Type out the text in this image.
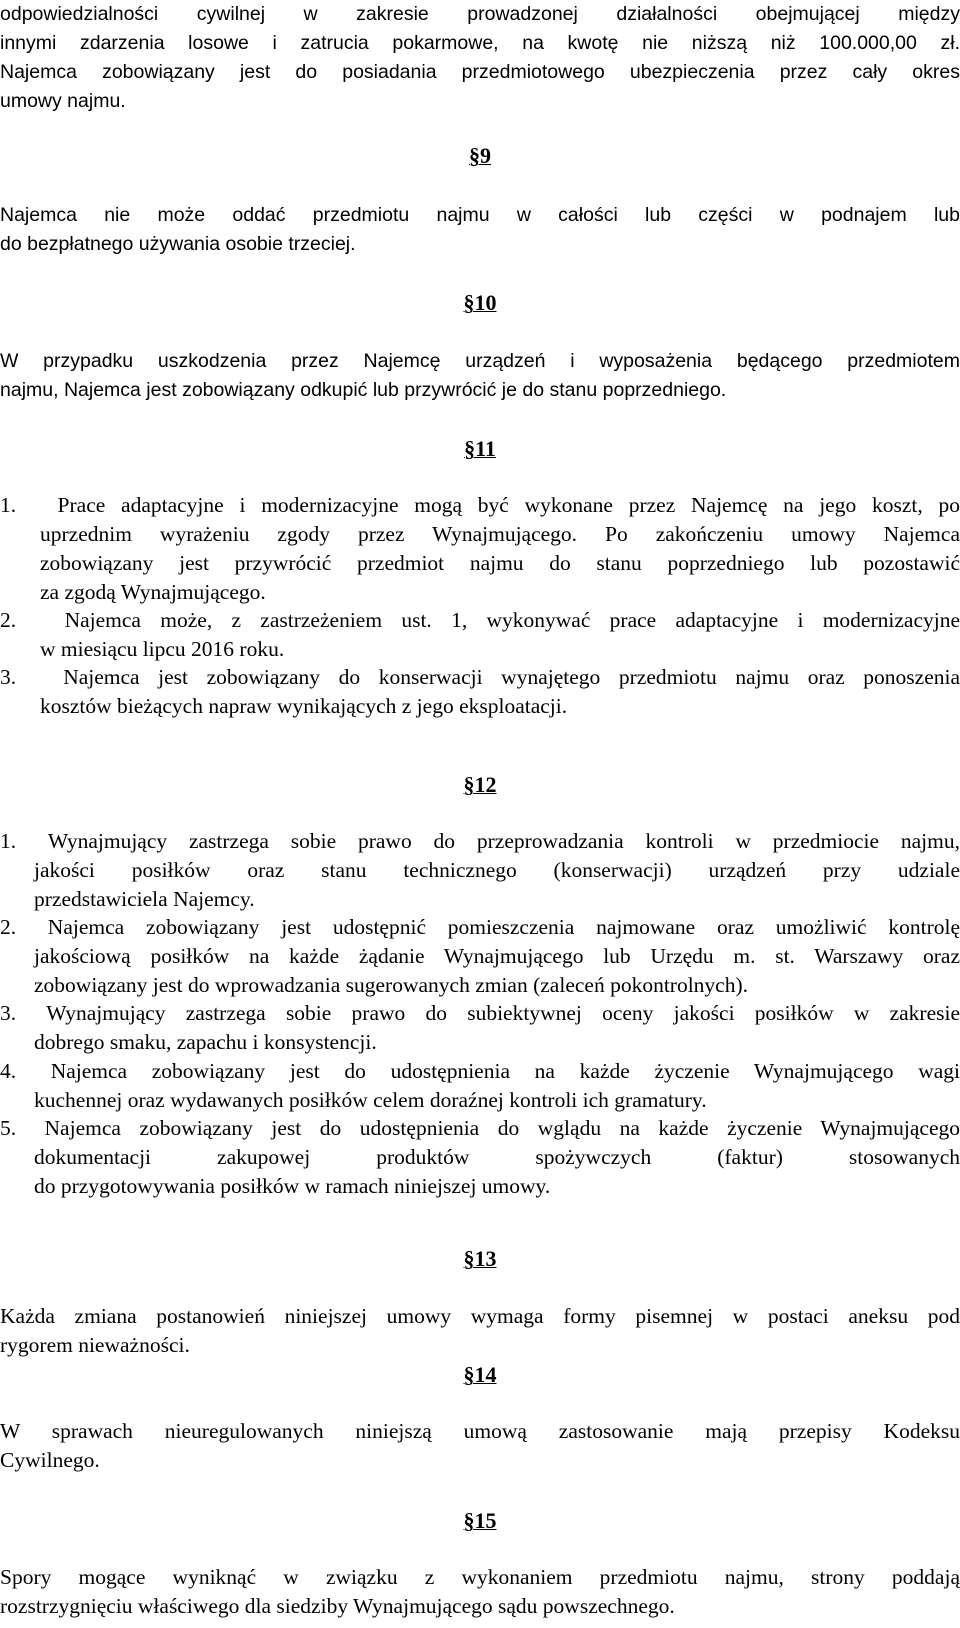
odpowiedzialności cywilnej w zakresie prowadzonej działalności obejmującej między

innymi zdarzenia losowe i zatrucia pokarmowe, na kwotę nie niższą niż 100.000,00 zł.

Najemca zobowiązany jest do posiadania przedmiotowego ubezpieczenia przez cały okres

umowy najmu.

§9

Najemca nie może oddać przedmiotu najmu w całości lub części w podnajem lub

do bezpłatnego używania osobie trzeciej.

§10

W przypadku uszkodzenia przez Najemcę urządzeń i wyposażenia będącego przedmiotem

najmu, Najemca jest zobowiązany odkupić lub przywrócić je do stanu poprzedniego.

§11

1. Prace adaptacyjne i modernizacyjne mogą być wykonane przez Najemcę na jego koszt, po

uprzednim wyrażeniu zgody przez Wynajmującego. Po zakończeniu umowy Najemca

zobowiązany jest przywrócić przedmiot najmu do stanu poprzedniego lub pozostawić

za zgodą Wynajmującego.

2. Najemca może, z zastrzeżeniem ust. 1, wykonywać prace adaptacyjne i modernizacyjne

w miesiącu lipcu 2016 roku.

3. Najemca jest zobowiązany do konserwacji wynajętego przedmiotu najmu oraz ponoszenia

kosztów bieżących napraw wynikających z jego eksploatacji.

§12

1. Wynajmujący zastrzega sobie prawo do przeprowadzania kontroli w przedmiocie najmu,

jakości posiłków oraz stanu technicznego (konserwacji) urządzeń przy udziale

przedstawiciela Najemcy.

2. Najemca zobowiązany jest udostępnić pomieszczenia najmowane oraz umożliwić kontrolę

jakościową posiłków na każde żądanie Wynajmującego lub Urzędu m. st. Warszawy oraz

zobowiązany jest do wprowadzania sugerowanych zmian (zaleceń pokontrolnych).

3. Wynajmujący zastrzega sobie prawo do subiektywnej oceny jakości posiłków w zakresie

dobrego smaku, zapachu i konsystencji.

4. Najemca zobowiązany jest do udostępnienia na każde życzenie Wynajmującego wagi

kuchennej oraz wydawanych posiłków celem doraźnej kontroli ich gramatury.

5. Najemca zobowiązany jest do udostępnienia do wglądu na każde życzenie Wynajmującego

dokumentacji zakupowej produktów spożywczych (faktur) stosowanych

do przygotowywania posiłków w ramach niniejszej umowy.

§13

Każda zmiana postanowień niniejszej umowy wymaga formy pisemnej w postaci aneksu pod

rygorem nieważności.

§14

W sprawach nieuregulowanych niniejszą umową zastosowanie mają przepisy Kodeksu

Cywilnego.

§15

Spory mogące wyniknąć w związku z wykonaniem przedmiotu najmu, strony poddają

rozstrzygnięciu właściwego dla siedziby Wynajmującego sądu powszechnego.
